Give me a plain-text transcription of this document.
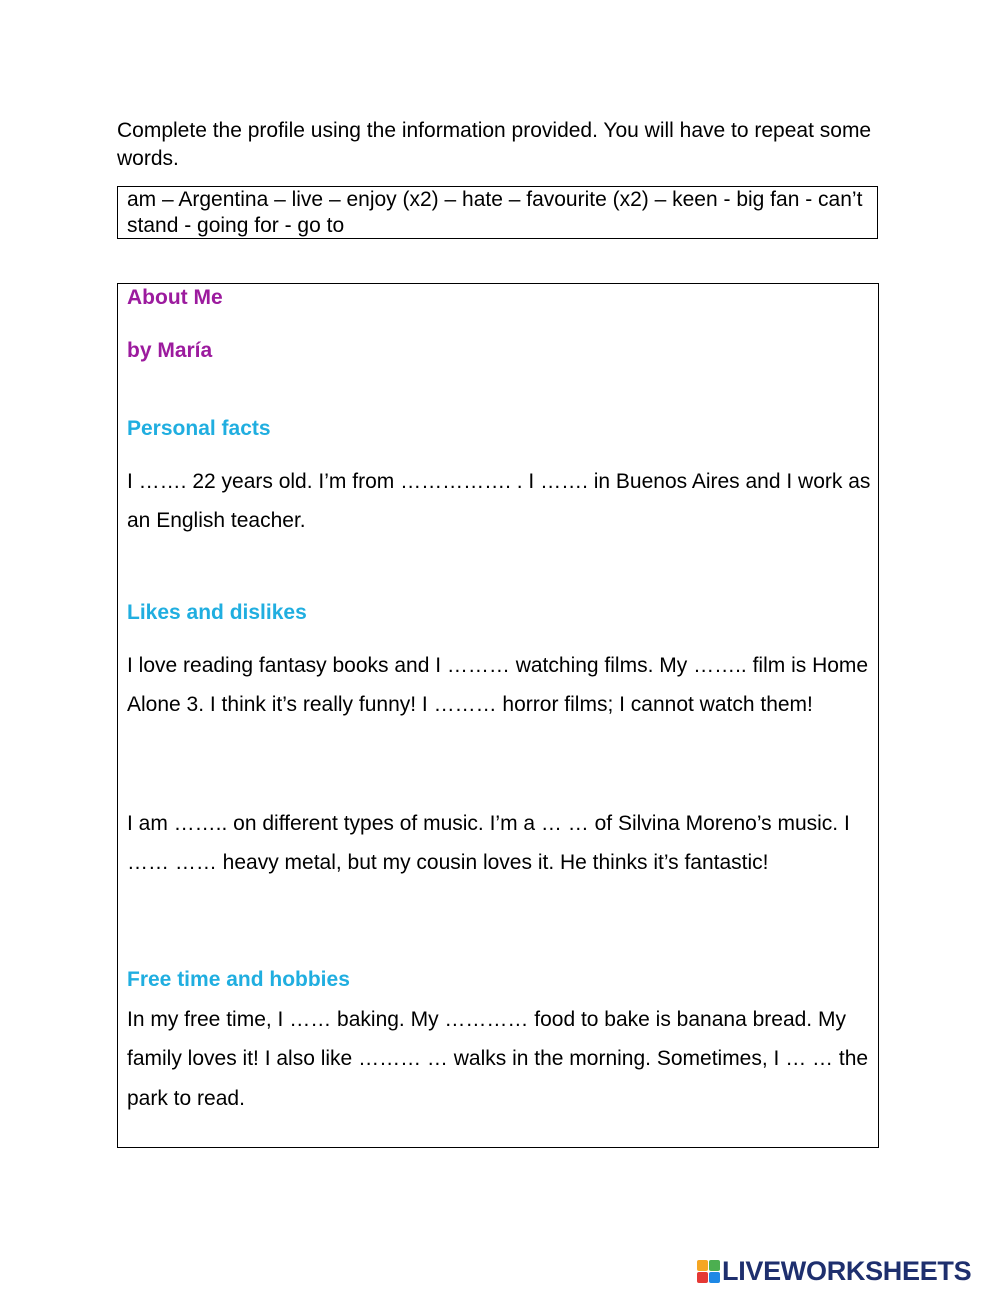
Complete the profile using the information provided. You will have to repeat some words.

am – Argentina – live – enjoy (x2) – hate – favourite (x2) – keen - big fan - can’t stand - going for - go to
About Me
by María
Personal facts

I ……. 22 years old. I’m from ……………. . I ……. in Buenos Aires and I work as an English teacher.

Likes and dislikes

I love reading fantasy books and I ……… watching films. My …….. film is Home Alone 3. I think it’s really funny! I ……… horror films; I cannot watch them!

I am …….. on different types of music. I’m a … … of Silvina Moreno’s music. I …… …… heavy metal, but my cousin loves it. He thinks it’s fantastic!

Free time and hobbies

In my free time, I …… baking. My ………… food to bake is banana bread. My family loves it! I also like ……… … walks in the morning. Sometimes, I … … the park to read.

LIVEWORKSHEETS
